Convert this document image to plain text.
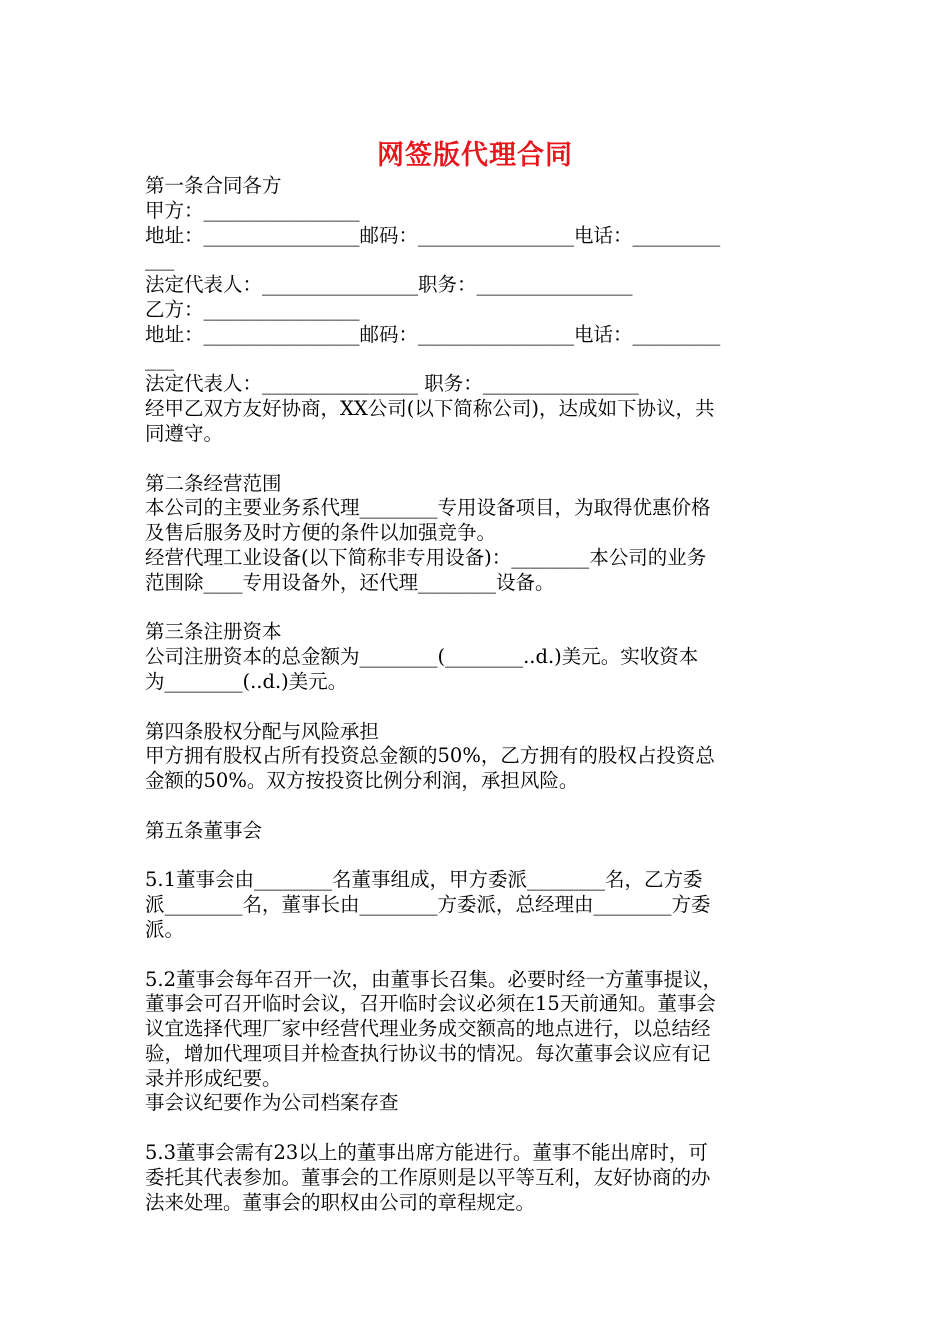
网签版代理合同
第一条合同各方
甲方：________________
地址：________________邮码：________________电话：_________
___
法定代表人：________________职务：________________
乙方：________________
地址：________________邮码：________________电话：_________
___
法定代表人：________________ 职务：________________
经甲乙双方友好协商，XX公司(以下简称公司)，达成如下协议，共
同遵守。
第二条经营范围
本公司的主要业务系代理________专用设备项目，为取得优惠价格
及售后服务及时方便的条件以加强竞争。
经营代理工业设备(以下简称非专用设备)：________本公司的业务
范围除____专用设备外，还代理________设备。
第三条注册资本
公司注册资本的总金额为________(________..d.)美元。实收资本
为________(..d.)美元。
第四条股权分配与风险承担
甲方拥有股权占所有投资总金额的50%，乙方拥有的股权占投资总
金额的50%。双方按投资比例分利润，承担风险。
第五条董事会
5.1董事会由________名董事组成，甲方委派________名，乙方委
派________名，董事长由________方委派，总经理由________方委
派。
5.2董事会每年召开一次，由董事长召集。必要时经一方董事提议，
董事会可召开临时会议，召开临时会议必须在15天前通知。董事会
议宜选择代理厂家中经营代理业务成交额高的地点进行，以总结经
验，增加代理项目并检查执行协议书的情况。每次董事会议应有记
录并形成纪要。
事会议纪要作为公司档案存查
5.3董事会需有23以上的董事出席方能进行。董事不能出席时，可
委托其代表参加。董事会的工作原则是以平等互利，友好协商的办
法来处理。董事会的职权由公司的章程规定。
